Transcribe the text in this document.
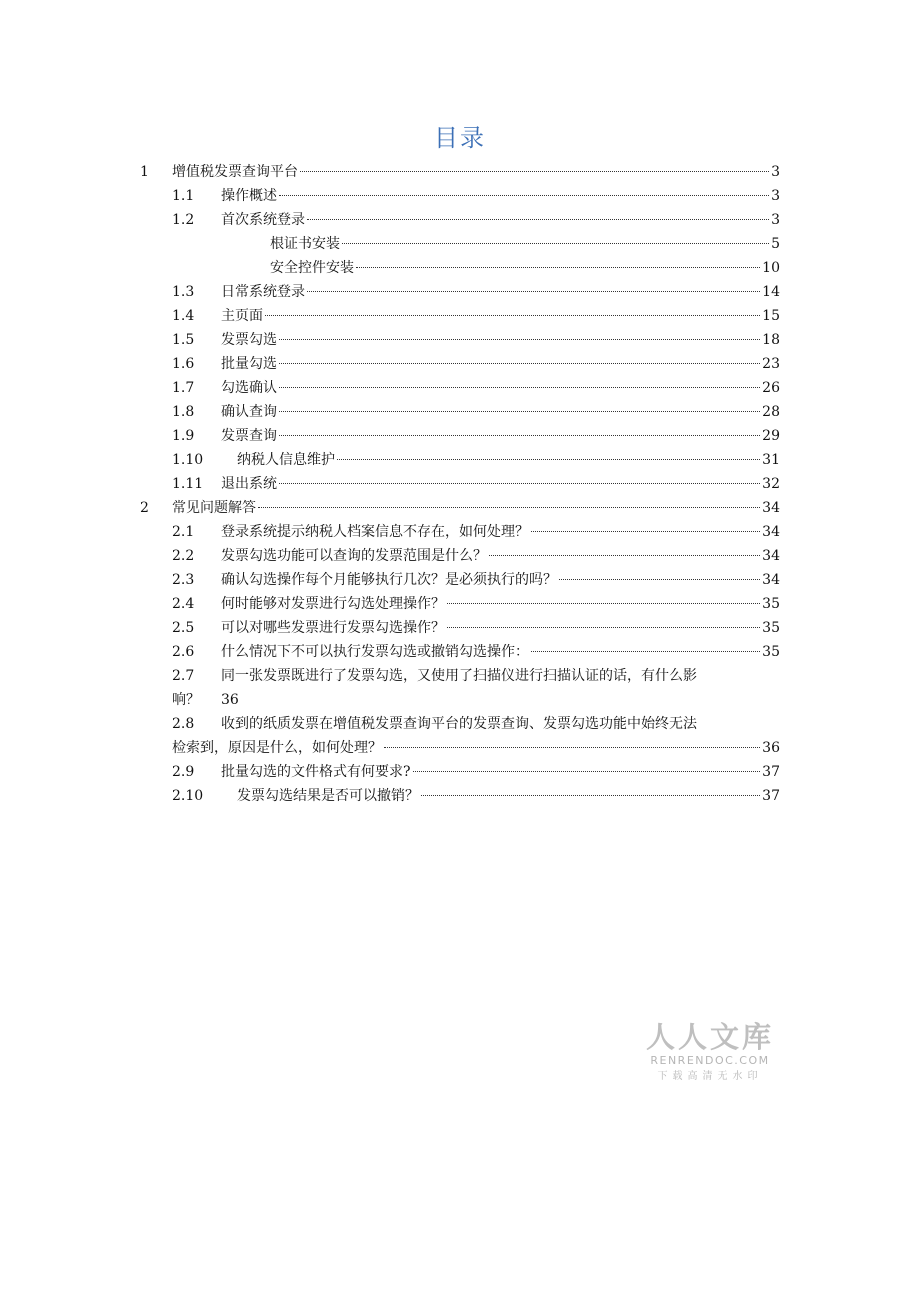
目录
1 增值税发票查询平台	3
1.1 操作概述	3
1.2 首次系统登录	3
根证书安装	5
安全控件安装	10
1.3 日常系统登录	14
1.4 主页面	15
1.5 发票勾选	18
1.6 批量勾选	23
1.7 勾选确认	26
1.8 确认查询	28
1.9 发票查询	29
1.10 纳税人信息维护	31
1.11 退出系统	32
2 常见问题解答	34
2.1 登录系统提示纳税人档案信息不存在，如何处理？	34
2.2 发票勾选功能可以查询的发票范围是什么？	34
2.3 确认勾选操作每个月能够执行几次？是必须执行的吗？	34
2.4 何时能够对发票进行勾选处理操作？	35
2.5 可以对哪些发票进行发票勾选操作？	35
2.6 什么情况下不可以执行发票勾选或撤销勾选操作：	35
2.7 同一张发票既进行了发票勾选，又使用了扫描仪进行扫描认证的话，有什么影
响？ 36
2.8 收到的纸质发票在增值税发票查询平台的发票查询、发票勾选功能中始终无法
检索到，原因是什么，如何处理？	36
2.9 批量勾选的文件格式有何要求?	37
2.10 发票勾选结果是否可以撤销？	37
人人文库
RENRENDOC.COM
下载高清无水印
